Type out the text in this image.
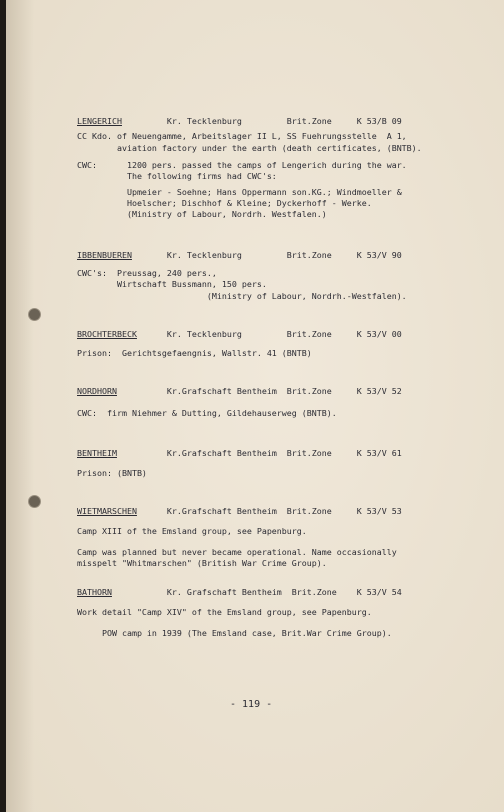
LENGERICH         Kr. Tecklenburg         Brit.Zone     K 53/B 09

CC Kdo. of Neuengamme, Arbeitslager II L, SS Fuehrungsstelle  A 1,

aviation factory under the earth (death certificates, (BNTB).

CWC:      1200 pers. passed the camps of Lengerich during the war.

The following firms had CWC's:

Upmeier - Soehne; Hans Oppermann son.KG.; Windmoeller &

Hoelscher; Dischhof & Kleine; Dyckerhoff - Werke.

(Ministry of Labour, Nordrh. Westfalen.)

IBBENBUEREN       Kr. Tecklenburg         Brit.Zone     K 53/V 90

CWC's:  Preussag, 240 pers.,

Wirtschaft Bussmann, 150 pers.

(Ministry of Labour, Nordrh.-Westfalen).

BROCHTERBECK      Kr. Tecklenburg         Brit.Zone     K 53/V 00

Prison:  Gerichtsgefaengnis, Wallstr. 41 (BNTB)

NORDHORN          Kr.Grafschaft Bentheim  Brit.Zone     K 53/V 52

CWC:  firm Niehmer & Dutting, Gildehauserweg (BNTB).

BENTHEIM          Kr.Grafschaft Bentheim  Brit.Zone     K 53/V 61

Prison: (BNTB)

WIETMARSCHEN      Kr.Grafschaft Bentheim  Brit.Zone     K 53/V 53

Camp XIII of the Emsland group, see Papenburg.

Camp was planned but never became operational. Name occasionally

misspelt "Whitmarschen" (British War Crime Group).

BATHORN           Kr. Grafschaft Bentheim  Brit.Zone    K 53/V 54

Work detail "Camp XIV" of the Emsland group, see Papenburg.

POW camp in 1939 (The Emsland case, Brit.War Crime Group).

- 119 -
